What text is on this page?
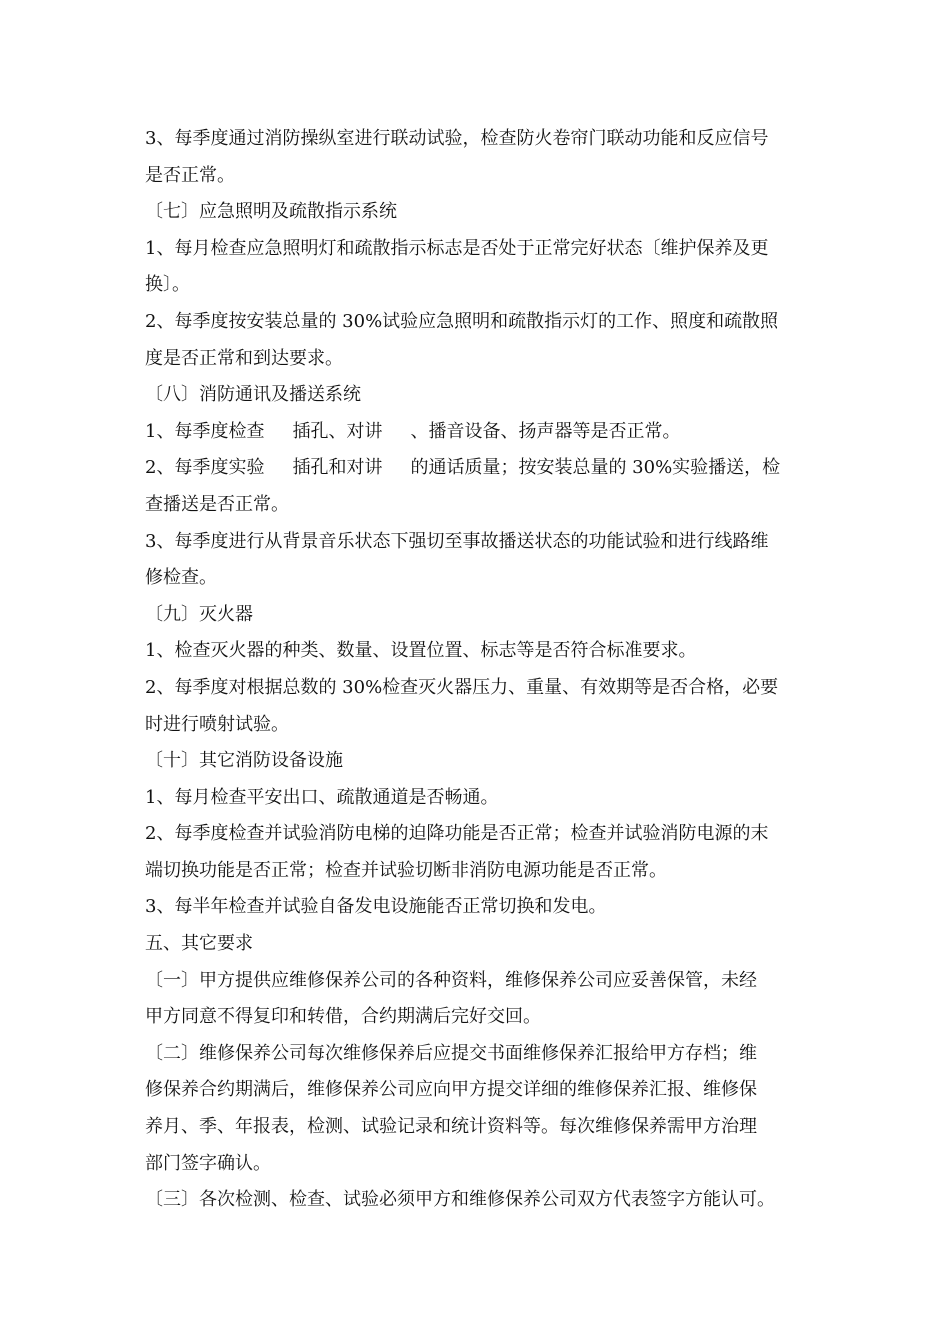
3、每季度通过消防操纵室进行联动试验，检查防火卷帘门联动功能和反应信号
是否正常。
〔七〕应急照明及疏散指示系统
1、每月检查应急照明灯和疏散指示标志是否处于正常完好状态〔维护保养及更
换〕。
2、每季度按安装总量的 30%试验应急照明和疏散指示灯的工作、照度和疏散照
度是否正常和到达要求。
〔八〕消防通讯及播送系统
1、每季度检查 插孔、对讲 、播音设备、扬声器等是否正常。
2、每季度实验 插孔和对讲 的通话质量；按安装总量的 30%实验播送，检
查播送是否正常。
3、每季度进行从背景音乐状态下强切至事故播送状态的功能试验和进行线路维
修检查。
〔九〕灭火器
1、检查灭火器的种类、数量、设置位置、标志等是否符合标准要求。
2、每季度对根据总数的 30%检查灭火器压力、重量、有效期等是否合格，必要
时进行喷射试验。
〔十〕其它消防设备设施
1、每月检查平安出口、疏散通道是否畅通。
2、每季度检查并试验消防电梯的迫降功能是否正常；检查并试验消防电源的末
端切换功能是否正常；检查并试验切断非消防电源功能是否正常。
3、每半年检查并试验自备发电设施能否正常切换和发电。
五、其它要求
〔一〕甲方提供应维修保养公司的各种资料，维修保养公司应妥善保管，未经
甲方同意不得复印和转借，合约期满后完好交回。
〔二〕维修保养公司每次维修保养后应提交书面维修保养汇报给甲方存档；维
修保养合约期满后，维修保养公司应向甲方提交详细的维修保养汇报、维修保
养月、季、年报表，检测、试验记录和统计资料等。每次维修保养需甲方治理
部门签字确认。
〔三〕各次检测、检查、试验必须甲方和维修保养公司双方代表签字方能认可。
